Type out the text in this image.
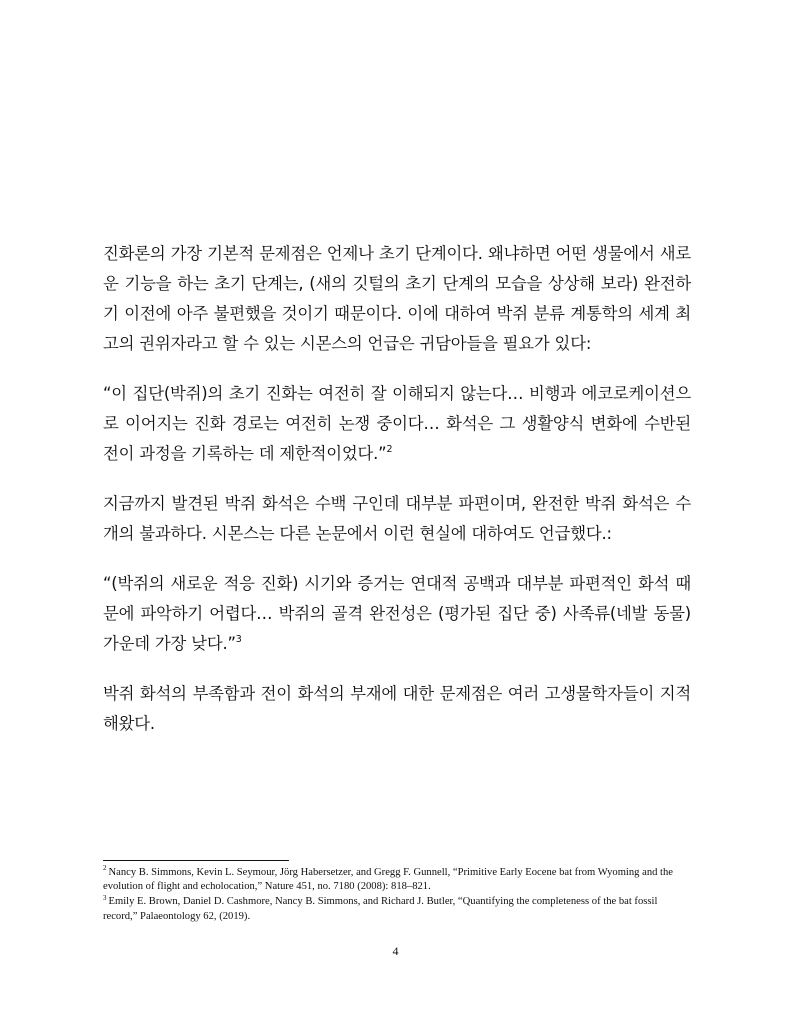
진화론의 가장 기본적 문제점은 언제나 초기 단계이다. 왜냐하면 어떤 생물에서 새로운 기능을 하는 초기 단계는, (새의 깃털의 초기 단계의 모습을 상상해 보라) 완전하기 이전에 아주 불편했을 것이기 때문이다. 이에 대하여 박쥐 분류 계통학의 세계 최고의 권위자라고 할 수 있는 시몬스의 언급은 귀담아들을 필요가 있다:

“이 집단(박쥐)의 초기 진화는 여전히 잘 이해되지 않는다… 비행과 에코로케이션으로 이어지는 진화 경로는 여전히 논쟁 중이다… 화석은 그 생활양식 변화에 수반된 전이 과정을 기록하는 데 제한적이었다.”$^2$

지금까지 발견된 박쥐 화석은 수백 구인데 대부분 파편이며, 완전한 박쥐 화석은 수 개의 불과하다. 시몬스는 다른 논문에서 이런 현실에 대하여도 언급했다.:

“(박쥐의 새로운 적응 진화) 시기와 증거는 연대적 공백과 대부분 파편적인 화석 때문에 파악하기 어렵다… 박쥐의 골격 완전성은 (평가된 집단 중) 사족류(네발 동물) 가운데 가장 낮다.”$^3$

박쥐 화석의 부족함과 전이 화석의 부재에 대한 문제점은 여러 고생물학자들이 지적해왔다.

$^2$ Nancy B. Simmons, Kevin L. Seymour, Jörg Habersetzer, and Gregg F. Gunnell, “Primitive Early Eocene bat from Wyoming and the evolution of flight and echolocation,” Nature 451, no. 7180 (2008): 818–821.

$^3$ Emily E. Brown, Daniel D. Cashmore, Nancy B. Simmons, and Richard J. Butler, “Quantifying the completeness of the bat fossil record,” Palaeontology 62, (2019).

4
